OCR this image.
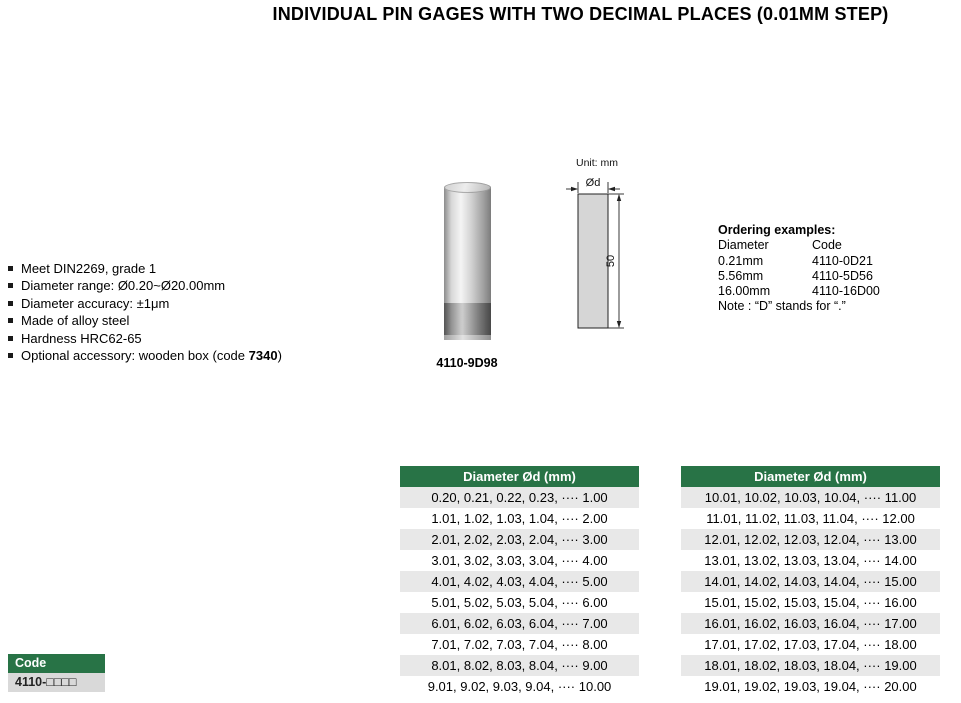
INDIVIDUAL PIN GAGES WITH TWO DECIMAL PLACES (0.01MM STEP)
Meet DIN2269, grade 1
Diameter range: Ø0.20~Ø20.00mm
Diameter accuracy: ±1μm
Made of alloy steel
Hardness HRC62-65
Optional accessory: wooden box (code 7340)	4110-9D98
Unit: mm
Ød
50
Ordering examples:
Diameter	Code
0.21mm	4110-0D21
5.56mm	4110-5D56
16.00mm	4110-16D00
Note : “D” stands for “.”
Code
4110-□□□□
Diameter Ød (mm)
0.20, 0.21, 0.22, 0.23, ···· 1.00
1.01, 1.02, 1.03, 1.04, ···· 2.00
2.01, 2.02, 2.03, 2.04, ···· 3.00
3.01, 3.02, 3.03, 3.04, ···· 4.00
4.01, 4.02, 4.03, 4.04, ···· 5.00
5.01, 5.02, 5.03, 5.04, ···· 6.00
6.01, 6.02, 6.03, 6.04, ···· 7.00
7.01, 7.02, 7.03, 7.04, ···· 8.00
8.01, 8.02, 8.03, 8.04, ···· 9.00
9.01, 9.02, 9.03, 9.04, ···· 10.00
Diameter Ød (mm)
10.01, 10.02, 10.03, 10.04, ···· 11.00
11.01, 11.02, 11.03, 11.04, ···· 12.00
12.01, 12.02, 12.03, 12.04, ···· 13.00
13.01, 13.02, 13.03, 13.04, ···· 14.00
14.01, 14.02, 14.03, 14.04, ···· 15.00
15.01, 15.02, 15.03, 15.04, ···· 16.00
16.01, 16.02, 16.03, 16.04, ···· 17.00
17.01, 17.02, 17.03, 17.04, ···· 18.00
18.01, 18.02, 18.03, 18.04, ···· 19.00
19.01, 19.02, 19.03, 19.04, ···· 20.00
